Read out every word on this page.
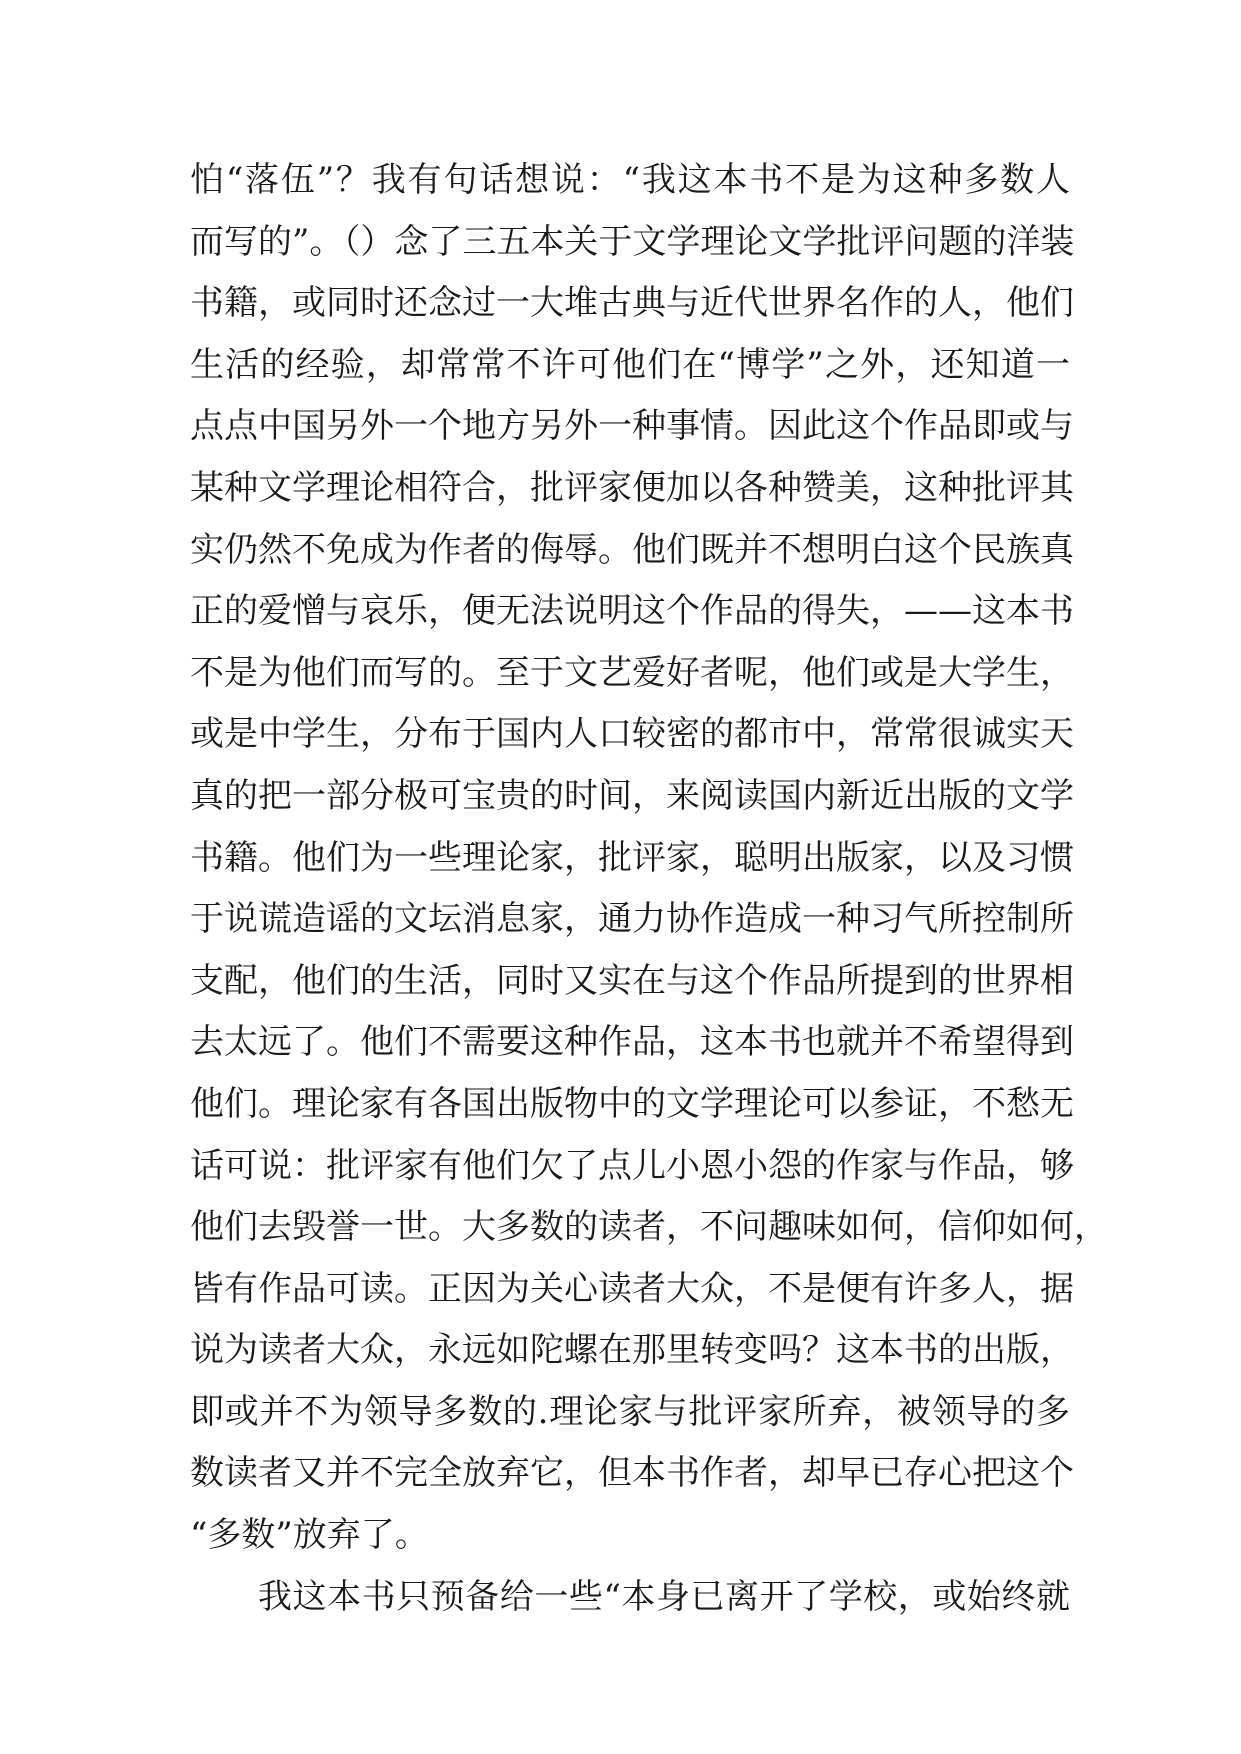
怕“落伍”？我有句话想说：“我这本书不是为这种多数人
而写的”。（）念了三五本关于文学理论文学批评问题的洋装
书籍，或同时还念过一大堆古典与近代世界名作的人，他们
生活的经验，却常常不许可他们在“博学”之外，还知道一
点点中国另外一个地方另外一种事情。因此这个作品即或与
某种文学理论相符合，批评家便加以各种赞美，这种批评其
实仍然不免成为作者的侮辱。他们既并不想明白这个民族真
正的爱憎与哀乐，便无法说明这个作品的得失，——这本书
不是为他们而写的。至于文艺爱好者呢，他们或是大学生，
或是中学生，分布于国内人口较密的都市中，常常很诚实天
真的把一部分极可宝贵的时间，来阅读国内新近出版的文学
书籍。他们为一些理论家，批评家，聪明出版家，以及习惯
于说谎造谣的文坛消息家，通力协作造成一种习气所控制所
支配，他们的生活，同时又实在与这个作品所提到的世界相
去太远了。他们不需要这种作品，这本书也就并不希望得到
他们。理论家有各国出版物中的文学理论可以参证，不愁无
话可说：批评家有他们欠了点儿小恩小怨的作家与作品，够
他们去毁誉一世。大多数的读者，不问趣味如何，信仰如何，
皆有作品可读。正因为关心读者大众，不是便有许多人，据
说为读者大众，永远如陀螺在那里转变吗？这本书的出版，
即或并不为领导多数的.理论家与批评家所弃，被领导的多
数读者又并不完全放弃它，但本书作者，却早已存心把这个
“多数”放弃了。
我这本书只预备给一些“本身已离开了学校，或始终就
